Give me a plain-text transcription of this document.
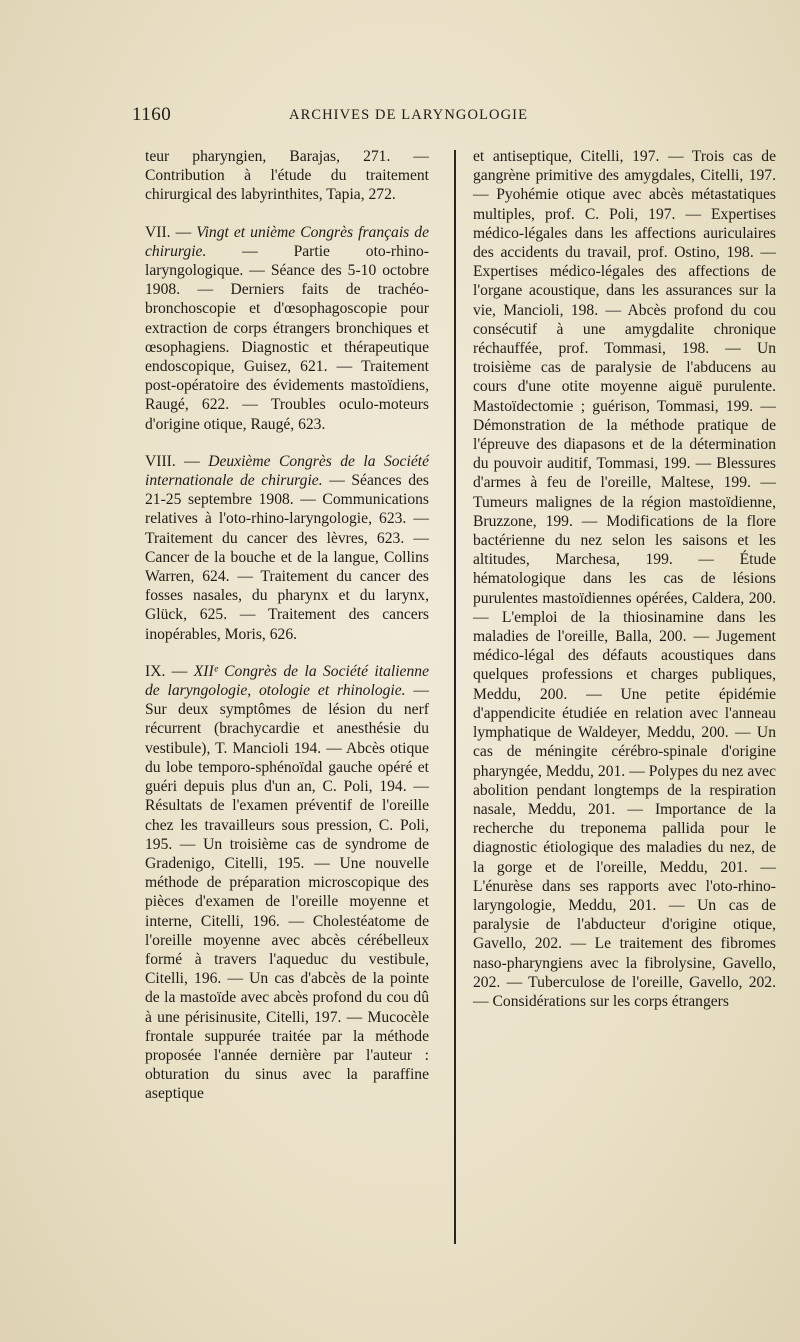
1160	ARCHIVES DE LARYNGOLOGIE

teur pharyngien, Barajas, 271. — Contribution à l'étude du traitement chirurgical des labyrinthites, Tapia, 272.

VII. — Vingt et unième Congrès français de chirurgie. — Partie oto-rhino-laryngologique. — Séance des 5-10 octobre 1908. — Derniers faits de trachéo-bronchoscopie et d'œsophagoscopie pour extraction de corps étrangers bronchiques et œsophagiens. Diagnostic et thérapeutique endoscopique, Guisez, 621. — Traitement post-opératoire des évidements mastoïdiens, Raugé, 622. — Troubles oculo-moteurs d'origine otique, Raugé, 623.

VIII. — Deuxième Congrès de la Société internationale de chirurgie. — Séances des 21-25 septembre 1908. — Communications relatives à l'oto-rhino-laryngologie, 623. — Traitement du cancer des lèvres, 623. — Cancer de la bouche et de la langue, Collins Warren, 624. — Traitement du cancer des fosses nasales, du pharynx et du larynx, Glück, 625. — Traitement des cancers inopérables, Moris, 626.

IX. — XIIᵉ Congrès de la Société italienne de laryngologie, otologie et rhinologie. — Sur deux symptômes de lésion du nerf récurrent (brachycardie et anesthésie du vestibule), T. Mancioli 194. — Abcès otique du lobe temporo-sphénoïdal gauche opéré et guéri depuis plus d'un an, C. Poli, 194. — Résultats de l'examen préventif de l'oreille chez les travailleurs sous pression, C. Poli, 195. — Un troisième cas de syndrome de Gradenigo, Citelli, 195. — Une nouvelle méthode de préparation microscopique des pièces d'examen de l'oreille moyenne et interne, Citelli, 196. — Cholestéatome de l'oreille moyenne avec abcès cérébelleux formé à travers l'aqueduc du vestibule, Citelli, 196. — Un cas d'abcès de la pointe de la mastoïde avec abcès profond du cou dû à une périsinusite, Citelli, 197. — Mucocèle frontale suppurée traitée par la méthode proposée l'année dernière par l'auteur : obturation du sinus avec la paraffine aseptique

et antiseptique, Citelli, 197. — Trois cas de gangrène primitive des amygdales, Citelli, 197. — Pyohémie otique avec abcès métastatiques multiples, prof. C. Poli, 197. — Expertises médico-légales dans les affections auriculaires des accidents du travail, prof. Ostino, 198. — Expertises médico-légales des affections de l'organe acoustique, dans les assurances sur la vie, Mancioli, 198. — Abcès profond du cou consécutif à une amygdalite chronique réchauffée, prof. Tommasi, 198. — Un troisième cas de paralysie de l'abducens au cours d'une otite moyenne aiguë purulente. Mastoïdectomie ; guérison, Tommasi, 199. — Démonstration de la méthode pratique de l'épreuve des diapasons et de la détermination du pouvoir auditif, Tommasi, 199. — Blessures d'armes à feu de l'oreille, Maltese, 199. — Tumeurs malignes de la région mastoïdienne, Bruzzone, 199. — Modifications de la flore bactérienne du nez selon les saisons et les altitudes, Marchesa, 199. — Étude hématologique dans les cas de lésions purulentes mastoïdiennes opérées, Caldera, 200. — L'emploi de la thiosinamine dans les maladies de l'oreille, Balla, 200. — Jugement médico-légal des défauts acoustiques dans quelques professions et charges publiques, Meddu, 200. — Une petite épidémie d'appendicite étudiée en relation avec l'anneau lymphatique de Waldeyer, Meddu, 200. — Un cas de méningite cérébro-spinale d'origine pharyngée, Meddu, 201. — Polypes du nez avec abolition pendant longtemps de la respiration nasale, Meddu, 201. — Importance de la recherche du treponema pallida pour le diagnostic étiologique des maladies du nez, de la gorge et de l'oreille, Meddu, 201. — L'énurèse dans ses rapports avec l'oto-rhino-laryngologie, Meddu, 201. — Un cas de paralysie de l'abducteur d'origine otique, Gavello, 202. — Le traitement des fibromes naso-pharyngiens avec la fibrolysine, Gavello, 202. — Tuberculose de l'oreille, Gavello, 202. — Considérations sur les corps étrangers
